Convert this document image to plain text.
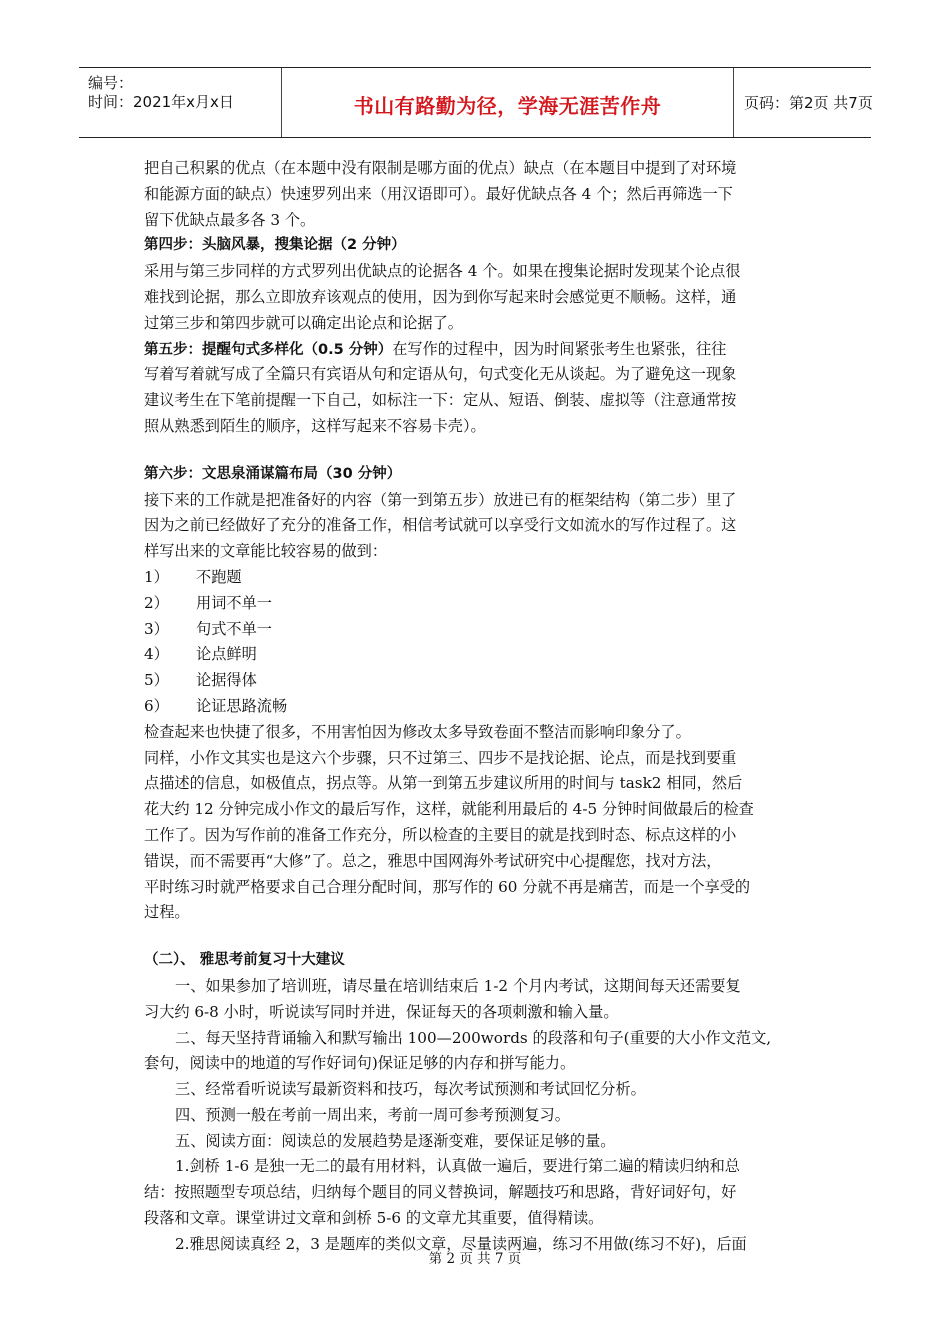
编号：
时间：2021年x月x日	书山有路勤为径，学海无涯苦作舟	页码：第2页 共7页
把自己积累的优点（在本题中没有限制是哪方面的优点）缺点（在本题目中提到了对环境
和能源方面的缺点）快速罗列出来（用汉语即可）。最好优缺点各 4 个；然后再筛选一下
留下优缺点最多各 3 个。
第四步：头脑风暴，搜集论据（2 分钟）
采用与第三步同样的方式罗列出优缺点的论据各 4 个。如果在搜集论据时发现某个论点很
难找到论据，那么立即放弃该观点的使用，因为到你写起来时会感觉更不顺畅。这样，通
过第三步和第四步就可以确定出论点和论据了。
第五步：提醒句式多样化（0.5 分钟）在写作的过程中，因为时间紧张考生也紧张，往往
写着写着就写成了全篇只有宾语从句和定语从句，句式变化无从谈起。为了避免这一现象
建议考生在下笔前提醒一下自己，如标注一下：定从、短语、倒装、虚拟等（注意通常按
照从熟悉到陌生的顺序，这样写起来不容易卡壳）。
第六步：文思泉涌谋篇布局（30 分钟）
接下来的工作就是把准备好的内容（第一到第五步）放进已有的框架结构（第二步）里了
因为之前已经做好了充分的准备工作，相信考试就可以享受行文如流水的写作过程了。这
样写出来的文章能比较容易的做到：
1） 不跑题
2） 用词不单一
3） 句式不单一
4） 论点鲜明
5） 论据得体
6） 论证思路流畅
检查起来也快捷了很多，不用害怕因为修改太多导致卷面不整洁而影响印象分了。
同样，小作文其实也是这六个步骤，只不过第三、四步不是找论据、论点，而是找到要重
点描述的信息，如极值点，拐点等。从第一到第五步建议所用的时间与 task2 相同，然后
花大约 12 分钟完成小作文的最后写作，这样，就能利用最后的 4-5 分钟时间做最后的检查
工作了。因为写作前的准备工作充分，所以检查的主要目的就是找到时态、标点这样的小
错误，而不需要再“大修”了。总之，雅思中国网海外考试研究中心提醒您，找对方法，
平时练习时就严格要求自己合理分配时间，那写作的 60 分就不再是痛苦，而是一个享受的
过程。
（二）、 雅思考前复习十大建议
一、如果参加了培训班，请尽量在培训结束后 1-2 个月内考试，这期间每天还需要复
习大约 6-8 小时，听说读写同时并进，保证每天的各项刺激和输入量。
二、每天坚持背诵输入和默写输出 100—200words 的段落和句子(重要的大小作文范文,
套句，阅读中的地道的写作好词句)保证足够的内存和拼写能力。
三、经常看听说读写最新资料和技巧，每次考试预测和考试回忆分析。
四、预测一般在考前一周出来，考前一周可参考预测复习。
五、阅读方面：阅读总的发展趋势是逐渐变难，要保证足够的量。
1.剑桥 1-6 是独一无二的最有用材料，认真做一遍后，要进行第二遍的精读归纳和总
结：按照题型专项总结，归纳每个题目的同义替换词，解题技巧和思路，背好词好句，好
段落和文章。课堂讲过文章和剑桥 5-6 的文章尤其重要，值得精读。
2.雅思阅读真经 2，3 是题库的类似文章，尽量读两遍，练习不用做(练习不好)，后面
第 2 页 共 7 页
